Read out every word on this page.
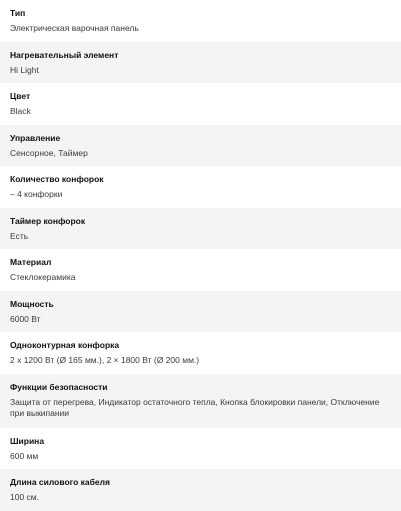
Тип
Электрическая варочная панель
Нагревательный элемент
Hi Light
Цвет
Black
Управление
Сенсорное, Таймер
Количество конфорок
– 4 конфорки
Таймер конфорок
Есть
Материал
Стеклокерамика
Мощность
6000 Вт
Одноконтурная конфорка
2 x 1200 Вт (Ø 165 мм.), 2 × 1800 Вт (Ø 200 мм.)
Функции безопасности
Защита от перегрева, Индикатор остаточного тепла, Кнопка блокировки панели, Отключение при выкипании
Ширина
600 мм
Длина силового кабеля
100 см.
